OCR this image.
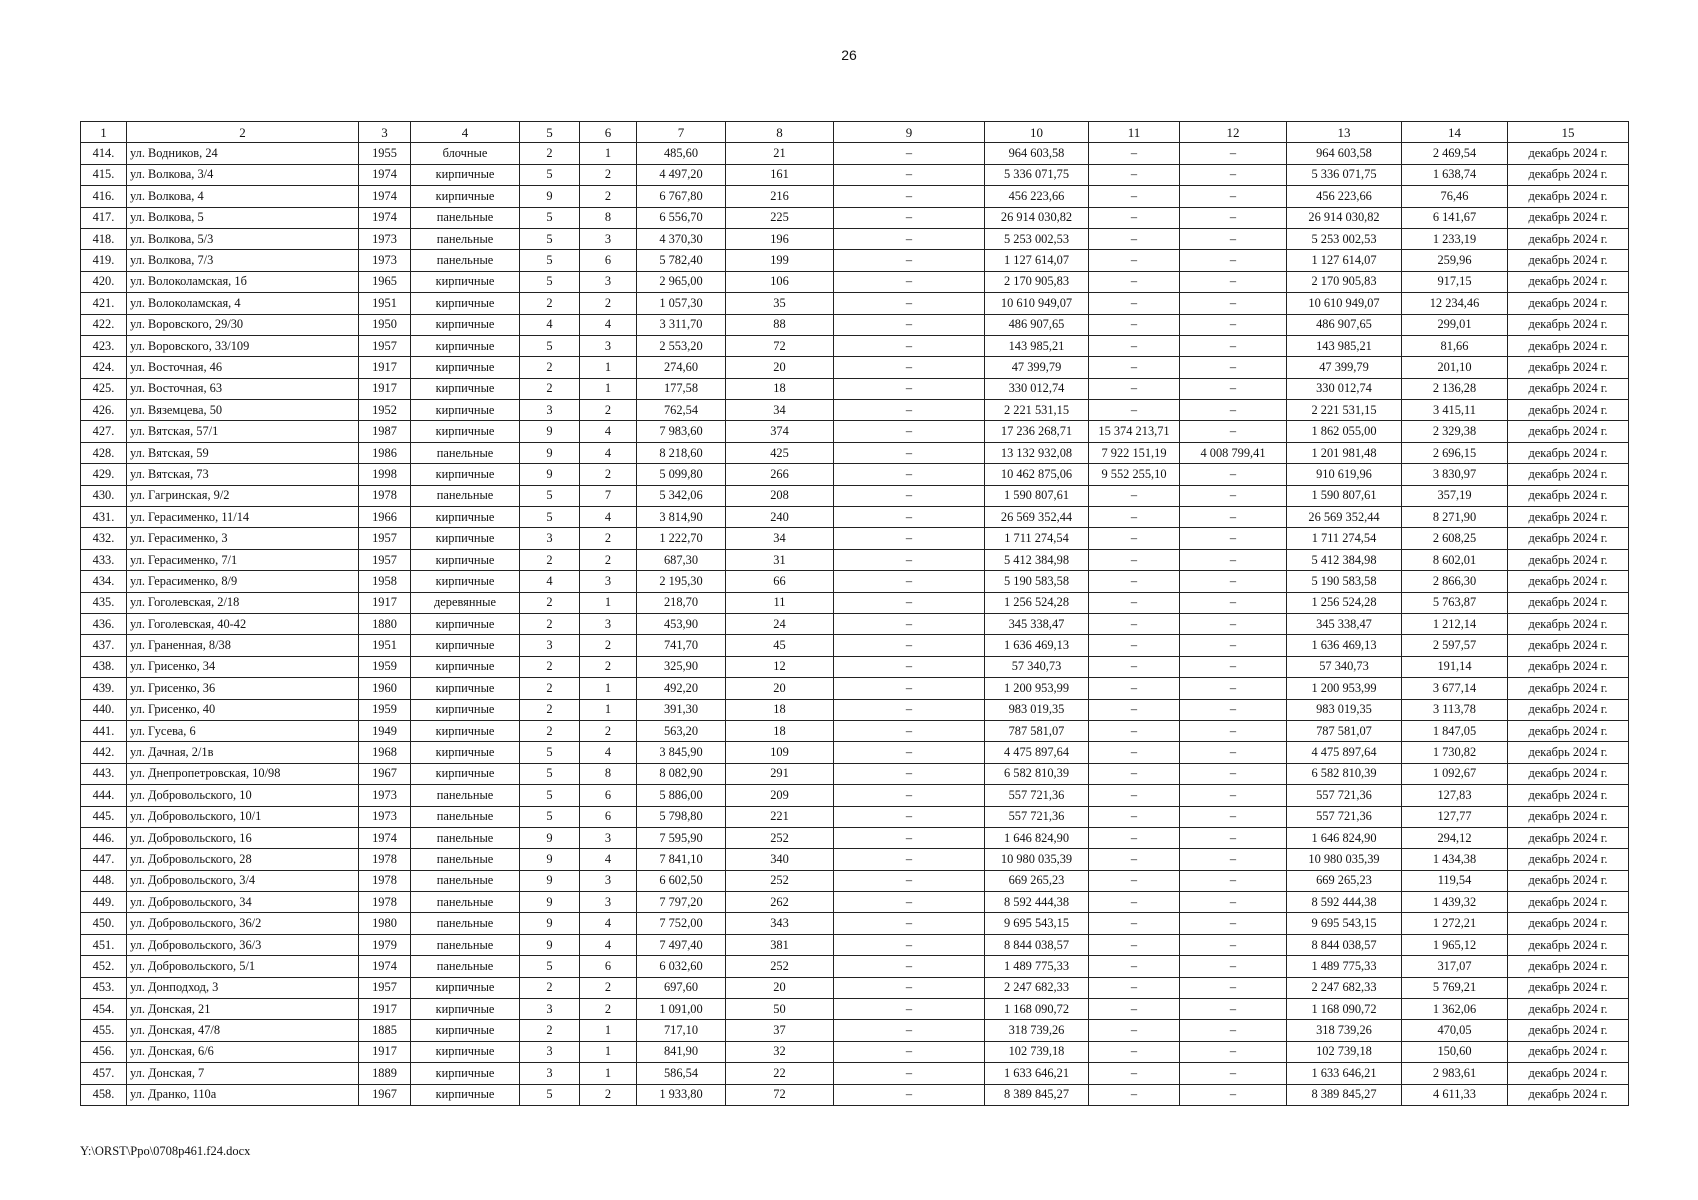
26
1	2	3	4	5	6	7	8	9	10	11	12	13	14	15
414.	ул. Водников, 24	1955	блочные	2	1	485,60	21	–	964 603,58	–	–	964 603,58	2 469,54	декабрь 2024 г.
415.	ул. Волкова, 3/4	1974	кирпичные	5	2	4 497,20	161	–	5 336 071,75	–	–	5 336 071,75	1 638,74	декабрь 2024 г.
416.	ул. Волкова, 4	1974	кирпичные	9	2	6 767,80	216	–	456 223,66	–	–	456 223,66	76,46	декабрь 2024 г.
417.	ул. Волкова, 5	1974	панельные	5	8	6 556,70	225	–	26 914 030,82	–	–	26 914 030,82	6 141,67	декабрь 2024 г.
418.	ул. Волкова, 5/3	1973	панельные	5	3	4 370,30	196	–	5 253 002,53	–	–	5 253 002,53	1 233,19	декабрь 2024 г.
419.	ул. Волкова, 7/3	1973	панельные	5	6	5 782,40	199	–	1 127 614,07	–	–	1 127 614,07	259,96	декабрь 2024 г.
420.	ул. Волоколамская, 1б	1965	кирпичные	5	3	2 965,00	106	–	2 170 905,83	–	–	2 170 905,83	917,15	декабрь 2024 г.
421.	ул. Волоколамская, 4	1951	кирпичные	2	2	1 057,30	35	–	10 610 949,07	–	–	10 610 949,07	12 234,46	декабрь 2024 г.
422.	ул. Воровского, 29/30	1950	кирпичные	4	4	3 311,70	88	–	486 907,65	–	–	486 907,65	299,01	декабрь 2024 г.
423.	ул. Воровского, 33/109	1957	кирпичные	5	3	2 553,20	72	–	143 985,21	–	–	143 985,21	81,66	декабрь 2024 г.
424.	ул. Восточная, 46	1917	кирпичные	2	1	274,60	20	–	47 399,79	–	–	47 399,79	201,10	декабрь 2024 г.
425.	ул. Восточная, 63	1917	кирпичные	2	1	177,58	18	–	330 012,74	–	–	330 012,74	2 136,28	декабрь 2024 г.
426.	ул. Вяземцева, 50	1952	кирпичные	3	2	762,54	34	–	2 221 531,15	–	–	2 221 531,15	3 415,11	декабрь 2024 г.
427.	ул. Вятская, 57/1	1987	кирпичные	9	4	7 983,60	374	–	17 236 268,71	15 374 213,71	–	1 862 055,00	2 329,38	декабрь 2024 г.
428.	ул. Вятская, 59	1986	панельные	9	4	8 218,60	425	–	13 132 932,08	7 922 151,19	4 008 799,41	1 201 981,48	2 696,15	декабрь 2024 г.
429.	ул. Вятская, 73	1998	кирпичные	9	2	5 099,80	266	–	10 462 875,06	9 552 255,10	–	910 619,96	3 830,97	декабрь 2024 г.
430.	ул. Гагринская, 9/2	1978	панельные	5	7	5 342,06	208	–	1 590 807,61	–	–	1 590 807,61	357,19	декабрь 2024 г.
431.	ул. Герасименко, 11/14	1966	кирпичные	5	4	3 814,90	240	–	26 569 352,44	–	–	26 569 352,44	8 271,90	декабрь 2024 г.
432.	ул. Герасименко, 3	1957	кирпичные	3	2	1 222,70	34	–	1 711 274,54	–	–	1 711 274,54	2 608,25	декабрь 2024 г.
433.	ул. Герасименко, 7/1	1957	кирпичные	2	2	687,30	31	–	5 412 384,98	–	–	5 412 384,98	8 602,01	декабрь 2024 г.
434.	ул. Герасименко, 8/9	1958	кирпичные	4	3	2 195,30	66	–	5 190 583,58	–	–	5 190 583,58	2 866,30	декабрь 2024 г.
435.	ул. Гоголевская, 2/18	1917	деревянные	2	1	218,70	11	–	1 256 524,28	–	–	1 256 524,28	5 763,87	декабрь 2024 г.
436.	ул. Гоголевская, 40-42	1880	кирпичные	2	3	453,90	24	–	345 338,47	–	–	345 338,47	1 212,14	декабрь 2024 г.
437.	ул. Граненная, 8/38	1951	кирпичные	3	2	741,70	45	–	1 636 469,13	–	–	1 636 469,13	2 597,57	декабрь 2024 г.
438.	ул. Грисенко, 34	1959	кирпичные	2	2	325,90	12	–	57 340,73	–	–	57 340,73	191,14	декабрь 2024 г.
439.	ул. Грисенко, 36	1960	кирпичные	2	1	492,20	20	–	1 200 953,99	–	–	1 200 953,99	3 677,14	декабрь 2024 г.
440.	ул. Грисенко, 40	1959	кирпичные	2	1	391,30	18	–	983 019,35	–	–	983 019,35	3 113,78	декабрь 2024 г.
441.	ул. Гусева, 6	1949	кирпичные	2	2	563,20	18	–	787 581,07	–	–	787 581,07	1 847,05	декабрь 2024 г.
442.	ул. Дачная, 2/1в	1968	кирпичные	5	4	3 845,90	109	–	4 475 897,64	–	–	4 475 897,64	1 730,82	декабрь 2024 г.
443.	ул. Днепропетровская, 10/98	1967	кирпичные	5	8	8 082,90	291	–	6 582 810,39	–	–	6 582 810,39	1 092,67	декабрь 2024 г.
444.	ул. Добровольского, 10	1973	панельные	5	6	5 886,00	209	–	557 721,36	–	–	557 721,36	127,83	декабрь 2024 г.
445.	ул. Добровольского, 10/1	1973	панельные	5	6	5 798,80	221	–	557 721,36	–	–	557 721,36	127,77	декабрь 2024 г.
446.	ул. Добровольского, 16	1974	панельные	9	3	7 595,90	252	–	1 646 824,90	–	–	1 646 824,90	294,12	декабрь 2024 г.
447.	ул. Добровольского, 28	1978	панельные	9	4	7 841,10	340	–	10 980 035,39	–	–	10 980 035,39	1 434,38	декабрь 2024 г.
448.	ул. Добровольского, 3/4	1978	панельные	9	3	6 602,50	252	–	669 265,23	–	–	669 265,23	119,54	декабрь 2024 г.
449.	ул. Добровольского, 34	1978	панельные	9	3	7 797,20	262	–	8 592 444,38	–	–	8 592 444,38	1 439,32	декабрь 2024 г.
450.	ул. Добровольского, 36/2	1980	панельные	9	4	7 752,00	343	–	9 695 543,15	–	–	9 695 543,15	1 272,21	декабрь 2024 г.
451.	ул. Добровольского, 36/3	1979	панельные	9	4	7 497,40	381	–	8 844 038,57	–	–	8 844 038,57	1 965,12	декабрь 2024 г.
452.	ул. Добровольского, 5/1	1974	панельные	5	6	6 032,60	252	–	1 489 775,33	–	–	1 489 775,33	317,07	декабрь 2024 г.
453.	ул. Донподход, 3	1957	кирпичные	2	2	697,60	20	–	2 247 682,33	–	–	2 247 682,33	5 769,21	декабрь 2024 г.
454.	ул. Донская, 21	1917	кирпичные	3	2	1 091,00	50	–	1 168 090,72	–	–	1 168 090,72	1 362,06	декабрь 2024 г.
455.	ул. Донская, 47/8	1885	кирпичные	2	1	717,10	37	–	318 739,26	–	–	318 739,26	470,05	декабрь 2024 г.
456.	ул. Донская, 6/6	1917	кирпичные	3	1	841,90	32	–	102 739,18	–	–	102 739,18	150,60	декабрь 2024 г.
457.	ул. Донская, 7	1889	кирпичные	3	1	586,54	22	–	1 633 646,21	–	–	1 633 646,21	2 983,61	декабрь 2024 г.
458.	ул. Дранко, 110а	1967	кирпичные	5	2	1 933,80	72	–	8 389 845,27	–	–	8 389 845,27	4 611,33	декабрь 2024 г.
Y:\ORST\Ppo\0708p461.f24.docx
